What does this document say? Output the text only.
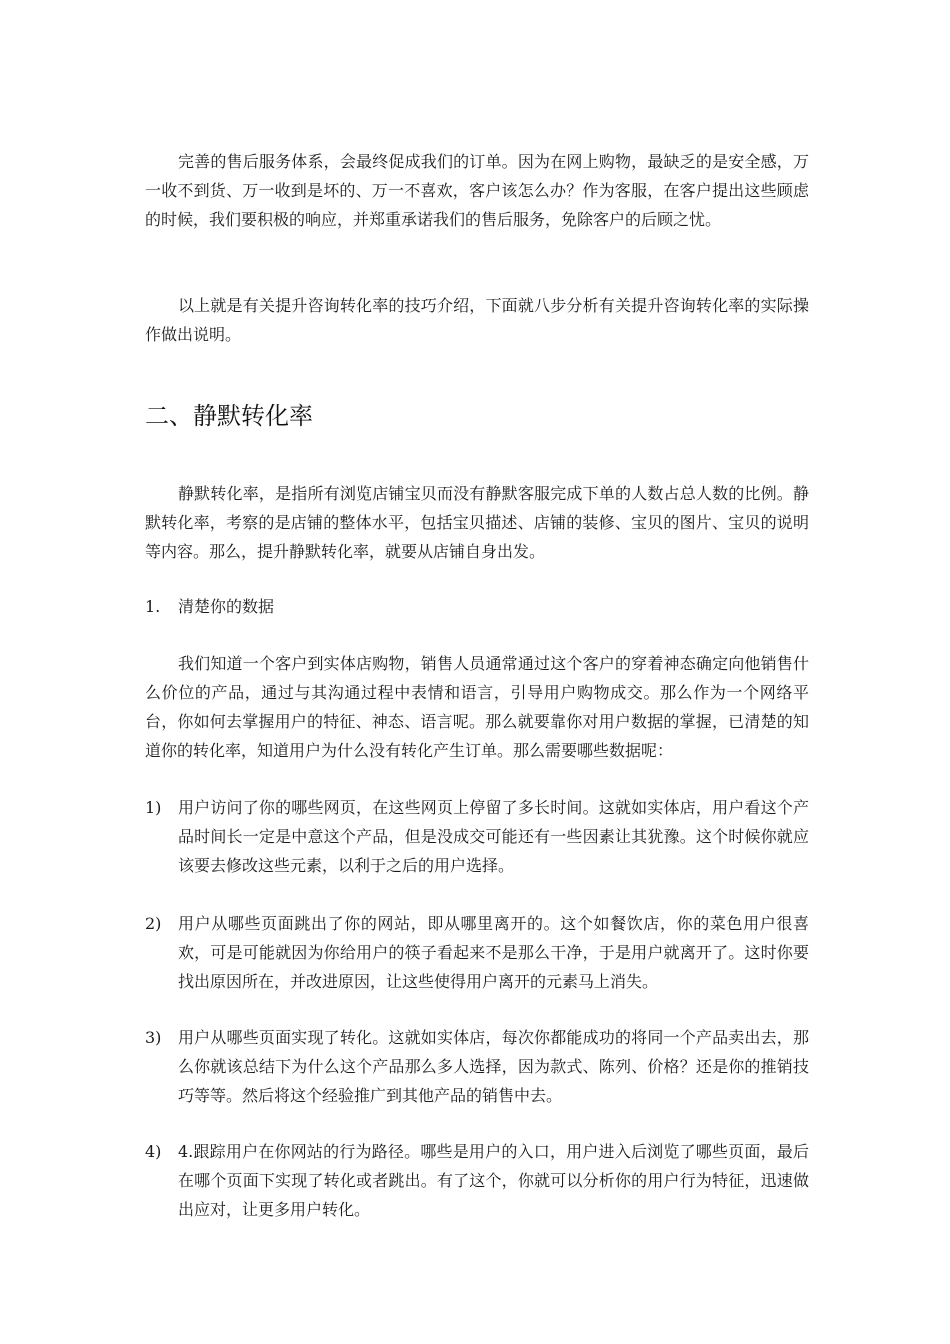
完善的售后服务体系，会最终促成我们的订单。因为在网上购物，最缺乏的是安全感，万一收不到货、万一收到是坏的、万一不喜欢，客户该怎么办？作为客服，在客户提出这些顾虑的时候，我们要积极的响应，并郑重承诺我们的售后服务，免除客户的后顾之忧。

以上就是有关提升咨询转化率的技巧介绍，下面就八步分析有关提升咨询转化率的实际操作做出说明。

二、静默转化率

静默转化率，是指所有浏览店铺宝贝而没有静默客服完成下单的人数占总人数的比例。静默转化率，考察的是店铺的整体水平，包括宝贝描述、店铺的装修、宝贝的图片、宝贝的说明等内容。那么，提升静默转化率，就要从店铺自身出发。

1. 清楚你的数据

我们知道一个客户到实体店购物，销售人员通常通过这个客户的穿着神态确定向他销售什么价位的产品，通过与其沟通过程中表情和语言，引导用户购物成交。那么作为一个网络平台，你如何去掌握用户的特征、神态、语言呢。那么就要靠你对用户数据的掌握，已清楚的知道你的转化率，知道用户为什么没有转化产生订单。那么需要哪些数据呢：

1)	用户访问了你的哪些网页，在这些网页上停留了多长时间。这就如实体店，用户看这个产品时间长一定是中意这个产品，但是没成交可能还有一些因素让其犹豫。这个时候你就应该要去修改这些元素，以利于之后的用户选择。
2)	用户从哪些页面跳出了你的网站，即从哪里离开的。这个如餐饮店，你的菜色用户很喜欢，可是可能就因为你给用户的筷子看起来不是那么干净，于是用户就离开了。这时你要找出原因所在，并改进原因，让这些使得用户离开的元素马上消失。
3)	用户从哪些页面实现了转化。这就如实体店，每次你都能成功的将同一个产品卖出去，那么你就该总结下为什么这个产品那么多人选择，因为款式、陈列、价格？还是你的推销技巧等等。然后将这个经验推广到其他产品的销售中去。
4)	4.跟踪用户在你网站的行为路径。哪些是用户的入口，用户进入后浏览了哪些页面，最后在哪个页面下实现了转化或者跳出。有了这个，你就可以分析你的用户行为特征，迅速做出应对，让更多用户转化。
